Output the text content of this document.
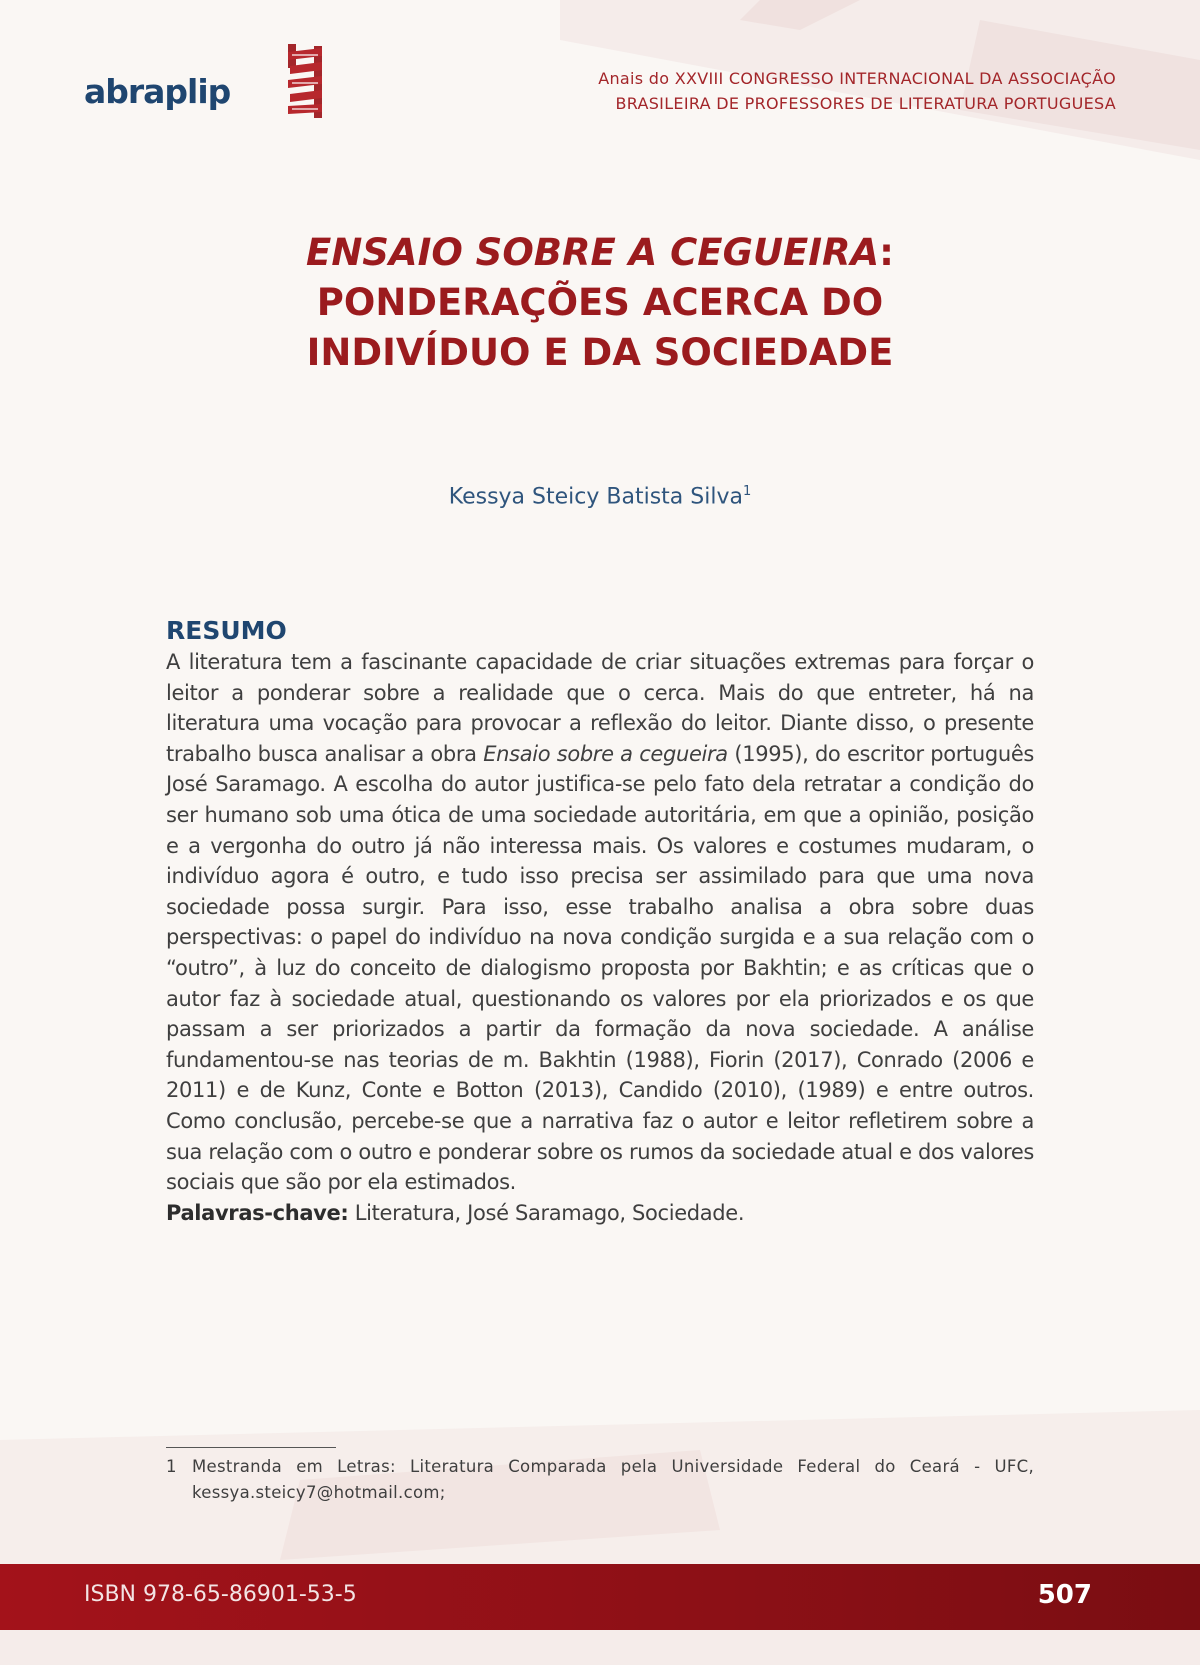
abraplip	Anais do XXVIII CONGRESSO INTERNACIONAL DA ASSOCIAÇÃO
BRASILEIRA DE PROFESSORES DE LITERATURA PORTUGUESA
ENSAIO SOBRE A CEGUEIRA:
PONDERAÇÕES ACERCA DO
INDIVÍDUO E DA SOCIEDADE
Kessya Steicy Batista Silva$^1$
RESUMO

A literatura tem a fascinante capacidade de criar situações extremas para forçar o leitor a ponderar sobre a realidade que o cerca. Mais do que entreter, há na literatura uma vocação para provocar a reflexão do leitor. Diante disso, o presente trabalho busca analisar a obra Ensaio sobre a cegueira (1995), do escritor português José Saramago. A escolha do autor justifica-se pelo fato dela retratar a condição do ser humano sob uma ótica de uma sociedade autoritária, em que a opinião, posição e a vergonha do outro já não interessa mais. Os valores e costumes mudaram, o indivíduo agora é outro, e tudo isso precisa ser assimilado para que uma nova sociedade possa surgir. Para isso, esse trabalho analisa a obra sobre duas perspectivas: o papel do indivíduo na nova condição surgida e a sua relação com o “outro”, à luz do conceito de dialogismo proposta por Bakhtin; e as críticas que o autor faz à sociedade atual, questionando os valores por ela priorizados e os que passam a ser priorizados a partir da formação da nova sociedade. A análise fundamentou-se nas teorias de m. Bakhtin (1988), Fiorin (2017), Conrado (2006 e 2011) e de Kunz, Conte e Botton (2013), Candido (2010), (1989) e entre outros. Como conclusão, percebe-se que a narrativa faz o autor e leitor refletirem sobre a sua relação com o outro e ponderar sobre os rumos da sociedade atual e dos valores sociais que são por ela estimados.

Palavras-chave: Literatura, José Saramago, Sociedade.

1 Mestranda em Letras: Literatura Comparada pela Universidade Federal do Ceará - UFC, kessya.steicy7@hotmail.com;
ISBN 978-65-86901-53-5	507
